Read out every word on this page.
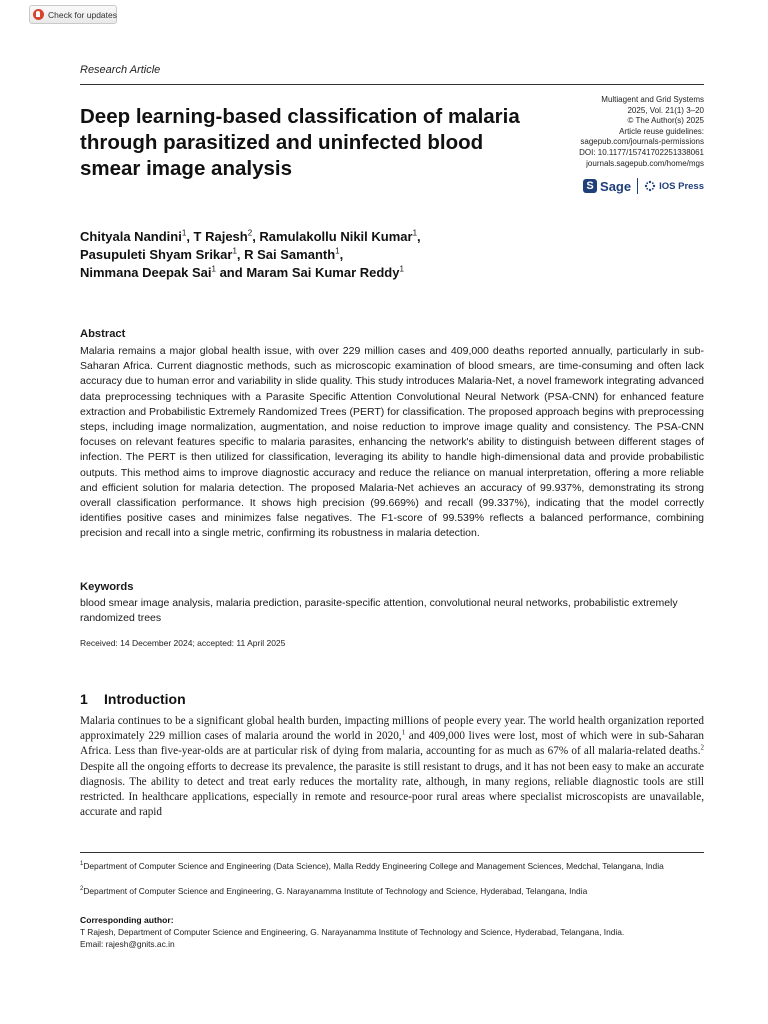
Check for updates
Research Article
Deep learning-based classification of malaria through parasitized and uninfected blood smear image analysis
Multiagent and Grid Systems
2025, Vol. 21(1) 3–20
© The Author(s) 2025
Article reuse guidelines:
sagepub.com/journals-permissions
DOI: 10.1177/15741702251338061
journals.sagepub.com/home/mgs
S Sage	IOS Press
Chityala Nandini$^1$, T Rajesh$^2$, Ramulakollu Nikil Kumar$^1$,
Pasupuleti Shyam Srikar$^1$, R Sai Samanth$^1$,
Nimmana Deepak Sai$^1$ and Maram Sai Kumar Reddy$^1$
Abstract
Malaria remains a major global health issue, with over 229 million cases and 409,000 deaths reported annually, particularly in sub-Saharan Africa. Current diagnostic methods, such as microscopic examination of blood smears, are time-consuming and often lack accuracy due to human error and variability in slide quality. This study introduces Malaria-Net, a novel framework integrating advanced data preprocessing techniques with a Parasite Specific Attention Convolutional Neural Network (PSA-CNN) for enhanced feature extraction and Probabilistic Extremely Randomized Trees (PERT) for classification. The proposed approach begins with preprocessing steps, including image normalization, augmentation, and noise reduction to improve image quality and consistency. The PSA-CNN focuses on relevant features specific to malaria parasites, enhancing the network's ability to distinguish between different stages of infection. The PERT is then utilized for classification, leveraging its ability to handle high-dimensional data and provide probabilistic outputs. This method aims to improve diagnostic accuracy and reduce the reliance on manual interpretation, offering a more reliable and efficient solution for malaria detection. The proposed Malaria-Net achieves an accuracy of 99.937%, demonstrating its strong overall classification performance. It shows high precision (99.669%) and recall (99.337%), indicating that the model correctly identifies positive cases and minimizes false negatives. The F1-score of 99.539% reflects a balanced performance, combining precision and recall into a single metric, confirming its robustness in malaria detection.
Keywords
blood smear image analysis, malaria prediction, parasite-specific attention, convolutional neural networks, probabilistic extremely randomized trees
Received: 14 December 2024; accepted: 11 April 2025
1 Introduction
Malaria continues to be a significant global health burden, impacting millions of people every year. The world health organization reported approximately 229 million cases of malaria around the world in 2020,$^1$ and 409,000 lives were lost, most of which were in sub-Saharan Africa. Less than five-year-olds are at particular risk of dying from malaria, accounting for as much as 67% of all malaria-related deaths.$^2$ Despite all the ongoing efforts to decrease its prevalence, the parasite is still resistant to drugs, and it has not been easy to make an accurate diagnosis. The ability to detect and treat early reduces the mortality rate, although, in many regions, reliable diagnostic tools are still restricted. In healthcare applications, especially in remote and resource-poor rural areas where specialist microscopists are unavailable, accurate and rapid
$^1$Department of Computer Science and Engineering (Data Science), Malla Reddy Engineering College and Management Sciences, Medchal, Telangana, India
$^2$Department of Computer Science and Engineering, G. Narayanamma Institute of Technology and Science, Hyderabad, Telangana, India
Corresponding author:
T Rajesh, Department of Computer Science and Engineering, G. Narayanamma Institute of Technology and Science, Hyderabad, Telangana, India.
Email: rajesh@gnits.ac.in
